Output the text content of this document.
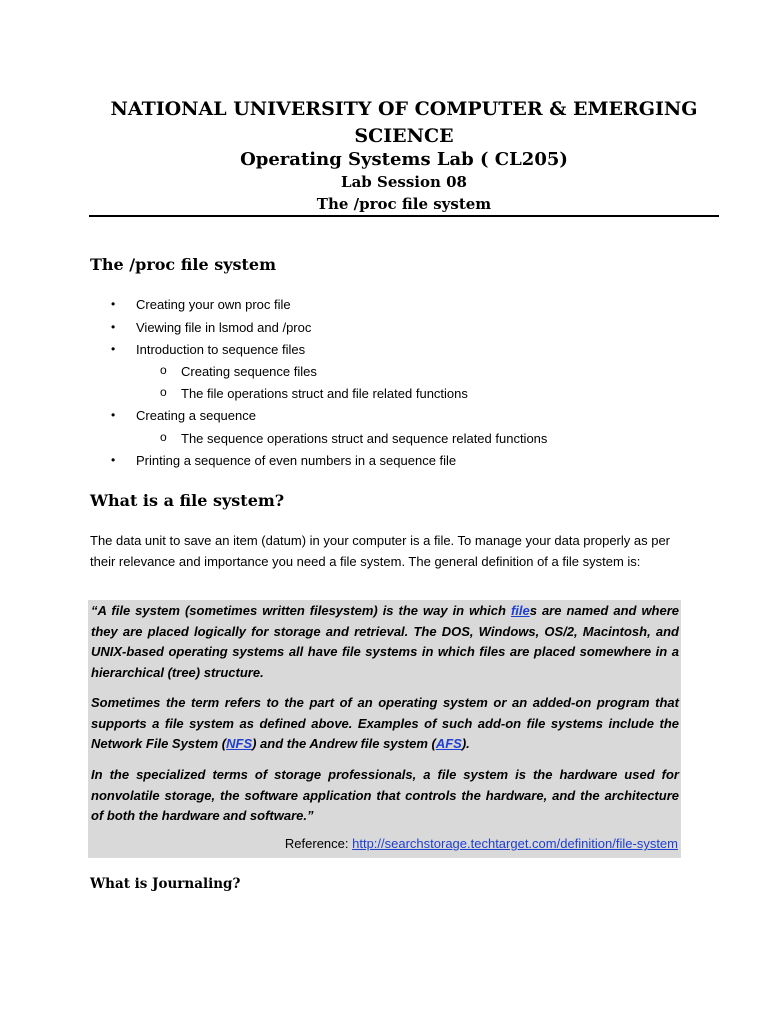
NATIONAL UNIVERSITY OF COMPUTER & EMERGING SCIENCE
Operating Systems Lab ( CL205)
Lab Session 08
The /proc file system
The /proc file system
• Creating your own proc file
• Viewing file in lsmod and /proc
• Introduction to sequence files
o Creating sequence files
o The file operations struct and file related functions
• Creating a sequence
o The sequence operations struct and sequence related functions
• Printing a sequence of even numbers in a sequence file
What is a file system?
The data unit to save an item (datum) in your computer is a file. To manage your data properly as per their relevance and importance you need a file system. The general definition of a file system is:
“A file system (sometimes written filesystem) is the way in which files are named and where they are placed logically for storage and retrieval. The DOS, Windows, OS/2, Macintosh, and UNIX-based operating systems all have file systems in which files are placed somewhere in a hierarchical (tree) structure.
Sometimes the term refers to the part of an operating system or an added-on program that supports a file system as defined above. Examples of such add-on file systems include the Network File System (NFS) and the Andrew file system (AFS).
In the specialized terms of storage professionals, a file system is the hardware used for nonvolatile storage, the software application that controls the hardware, and the architecture of both the hardware and software.”
Reference: http://searchstorage.techtarget.com/definition/file-system
What is Journaling?
